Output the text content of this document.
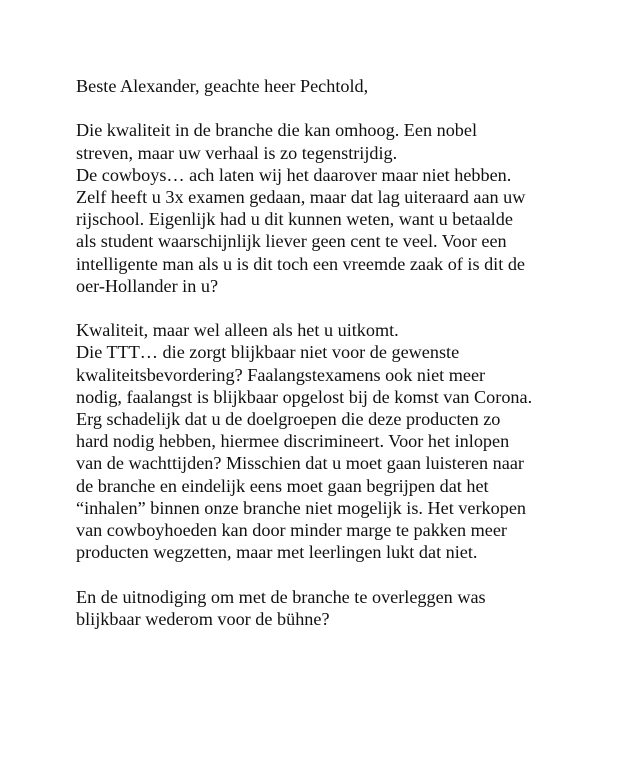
Beste Alexander, geachte heer Pechtold,
Die kwaliteit in de branche die kan omhoog. Een nobel
streven, maar uw verhaal is zo tegenstrijdig.
De cowboys… ach laten wij het daarover maar niet hebben.
Zelf heeft u 3x examen gedaan, maar dat lag uiteraard aan uw
rijschool. Eigenlijk had u dit kunnen weten, want u betaalde
als student waarschijnlijk liever geen cent te veel. Voor een
intelligente man als u is dit toch een vreemde zaak of is dit de
oer-Hollander in u?
Kwaliteit, maar wel alleen als het u uitkomt.
Die TTT… die zorgt blijkbaar niet voor de gewenste
kwaliteitsbevordering? Faalangstexamens ook niet meer
nodig, faalangst is blijkbaar opgelost bij de komst van Corona.
Erg schadelijk dat u de doelgroepen die deze producten zo
hard nodig hebben, hiermee discrimineert. Voor het inlopen
van de wachttijden? Misschien dat u moet gaan luisteren naar
de branche en eindelijk eens moet gaan begrijpen dat het
“inhalen” binnen onze branche niet mogelijk is. Het verkopen
van cowboyhoeden kan door minder marge te pakken meer
producten wegzetten, maar met leerlingen lukt dat niet.
En de uitnodiging om met de branche te overleggen was
blijkbaar wederom voor de bühne?
